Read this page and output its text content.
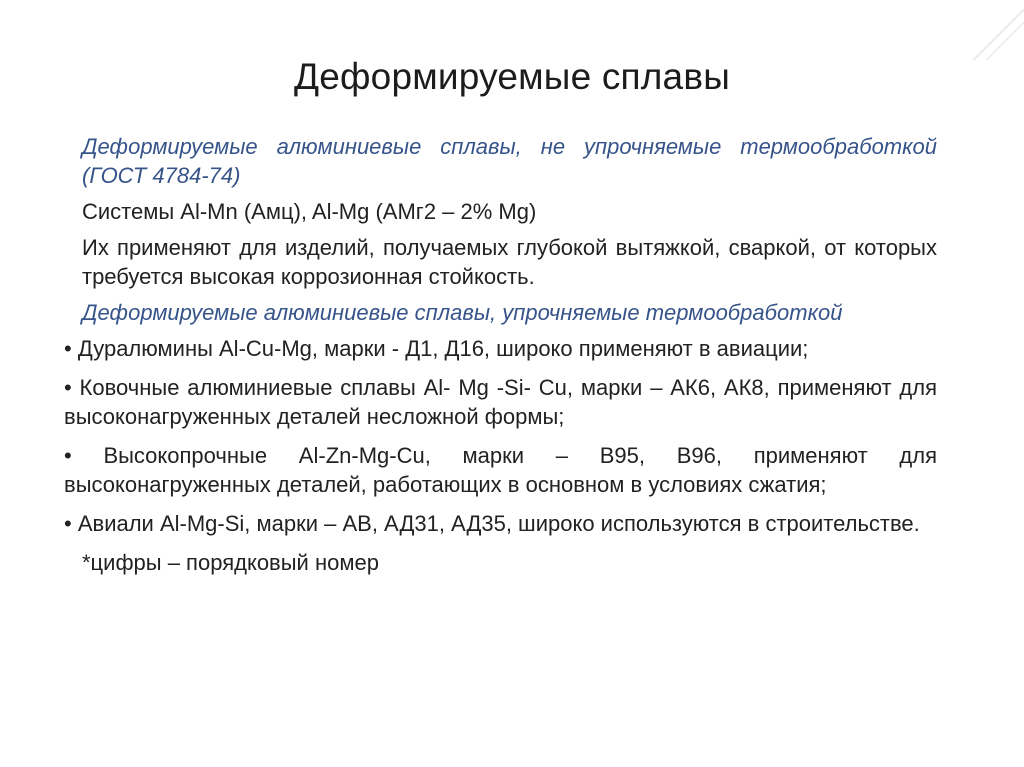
Деформируемые сплавы

Деформируемые алюминиевые сплавы, не упрочняемые термообработкой (ГОСТ 4784-74)

Системы Al-Mn (Амц), Al-Mg (АМг2 – 2% Mg)

Их применяют для изделий, получаемых глубокой вытяжкой, сваркой, от которых требуется высокая коррозионная стойкость.

Деформируемые алюминиевые сплавы, упрочняемые термообработкой

• Дуралюмины Al-Cu-Mg, марки - Д1, Д16, широко применяют в авиации;

• Ковочные алюминиевые сплавы Al- Mg -Si- Cu, марки – АК6, АК8, применяют для высоконагруженных деталей несложной формы;

• Высокопрочные Al-Zn-Mg-Cu, марки – В95, В96, применяют для высоконагруженных деталей, работающих в основном в условиях сжатия;

• Авиали Al-Mg-Si, марки – АВ, АД31, АД35, широко используются в строительстве.

*цифры – порядковый номер
